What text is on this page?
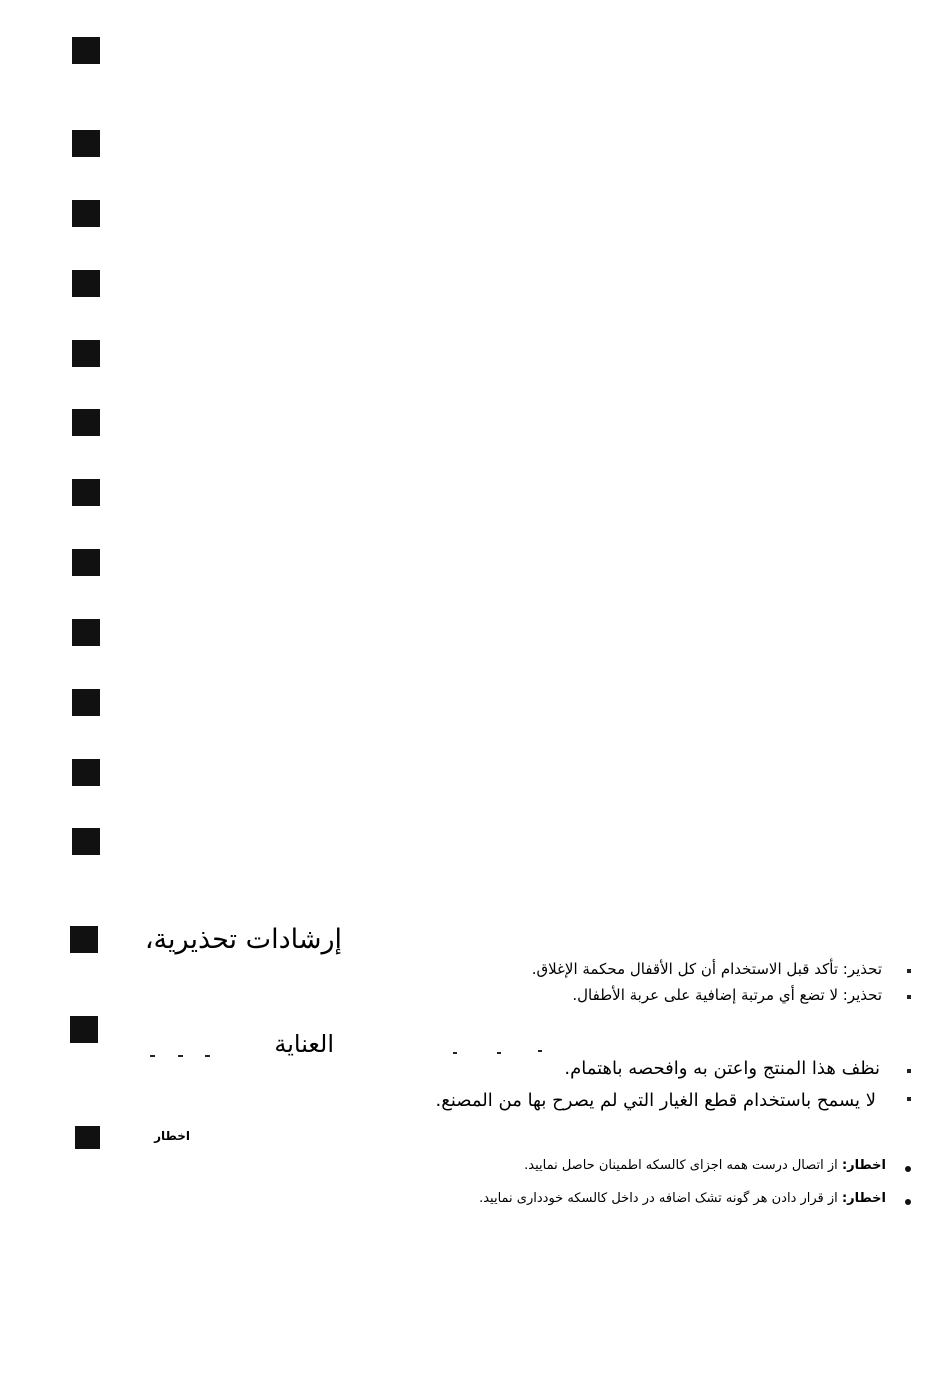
إرشادات تحذيرية،
تحذير: تأكد قبل الاستخدام أن كل الأقفال محكمة الإغلاق.
تحذير: لا تضع أي مرتبة إضافية على عربة الأطفال.
العناية
نظف هذا المنتج واعتن به وافحصه باهتمام.
لا يسمح باستخدام قطع الغيار التي لم يصرح بها من المصنع.
اخطار
اخطار: از اتصال درست همه اجزای کالسکه اطمینان حاصل نمایید.
اخطار: از قرار دادن هر گونه تشک اضافه در داخل کالسکه خودداری نمایید.
